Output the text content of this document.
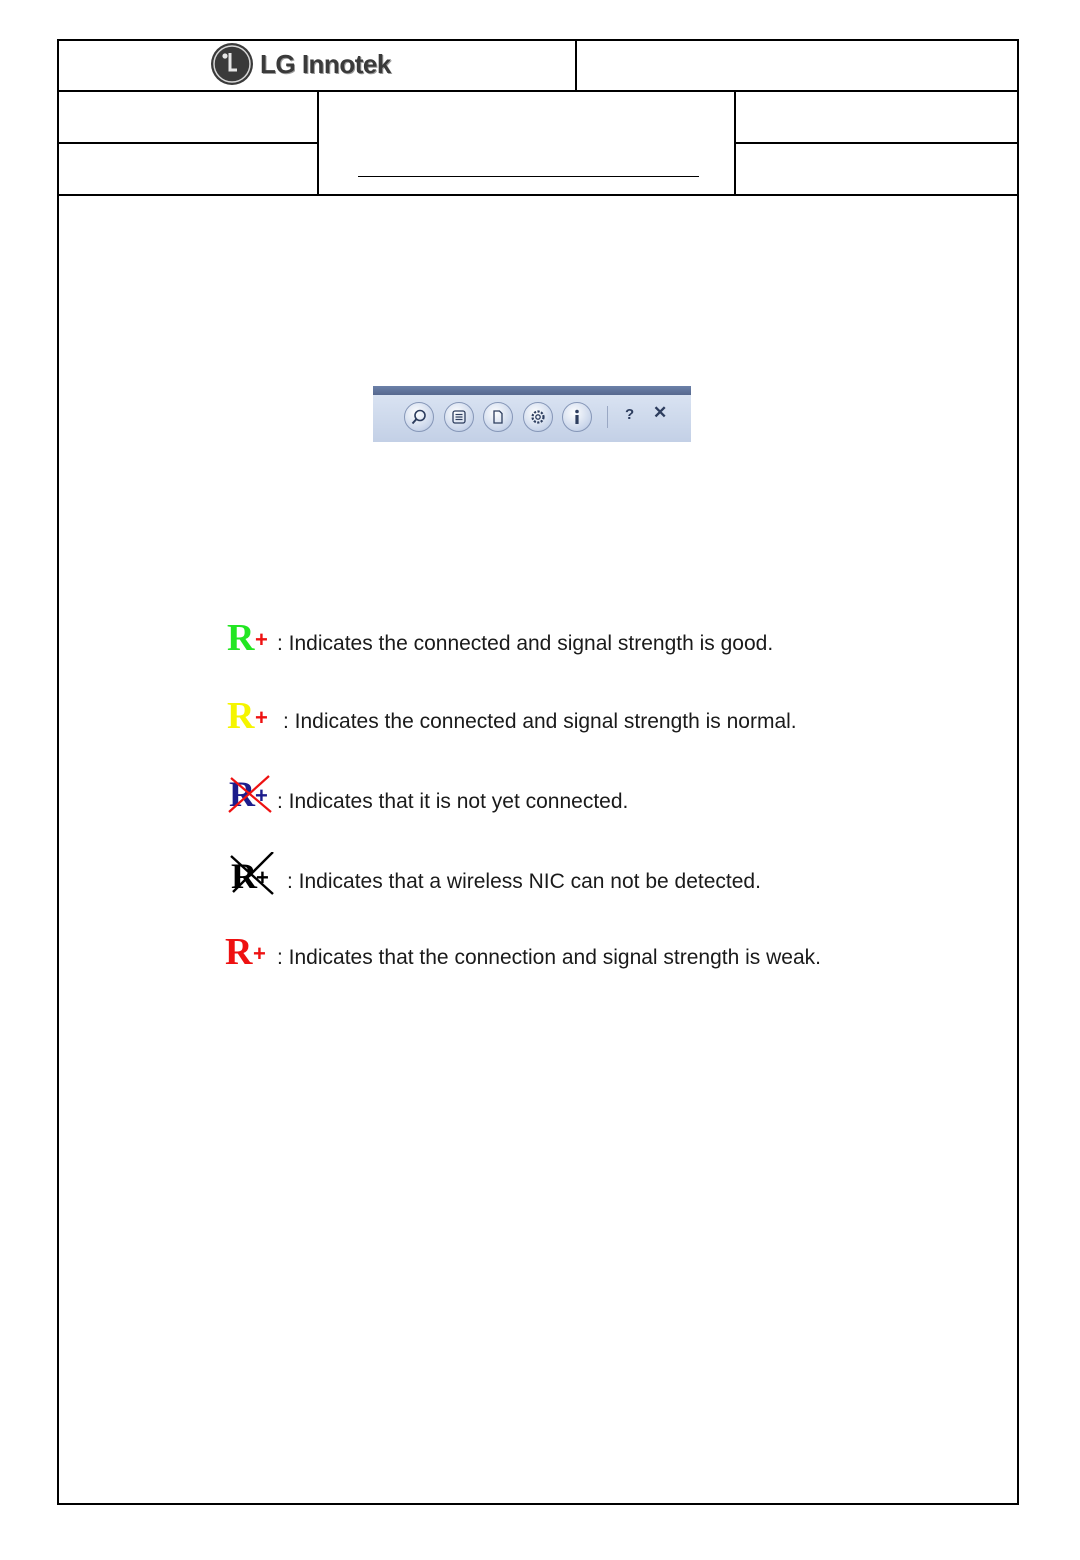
LG Innotek
? ✕
R + : Indicates the connected and signal strength is good.
R + : Indicates the connected and signal strength is normal.
R + : Indicates that it is not yet connected.
R + : Indicates that a wireless NIC can not be detected.
R + : Indicates that the connection and signal strength is weak.
